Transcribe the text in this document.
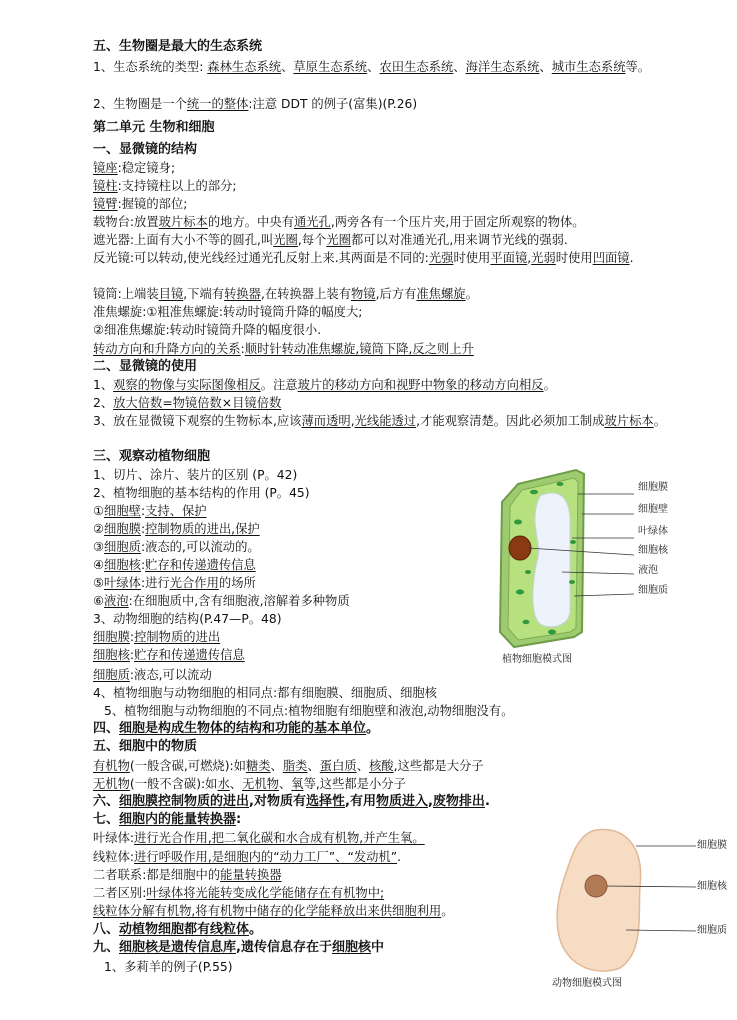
五、生物圈是最大的生态系统
1、生态系统的类型: 森林生态系统、草原生态系统、农田生态系统、海洋生态系统、城市生态系统等。
2、生物圈是一个统一的整体:注意 DDT 的例子(富集)(P.26)
第二单元 生物和细胞
一、显微镜的结构
镜座:稳定镜身;
镜柱:支持镜柱以上的部分;
镜臂:握镜的部位;
载物台:放置玻片标本的地方。中央有通光孔,两旁各有一个压片夹,用于固定所观察的物体。
遮光器:上面有大小不等的圆孔,叫光圈,每个光圈都可以对准通光孔,用来调节光线的强弱.
反光镜:可以转动,使光线经过通光孔反射上来.其两面是不同的:光强时使用平面镜,光弱时使用凹面镜.
镜筒:上端装目镜,下端有转换器,在转换器上装有物镜,后方有准焦螺旋。
准焦螺旋:①粗准焦螺旋:转动时镜筒升降的幅度大;
②细准焦螺旋:转动时镜筒升降的幅度很小.
转动方向和升降方向的关系:顺时针转动准焦螺旋,镜筒下降,反之则上升
二、显微镜的使用
1、观察的物像与实际图像相反。注意玻片的移动方向和视野中物象的移动方向相反。
2、放大倍数=物镜倍数×目镜倍数
3、放在显微镜下观察的生物标本,应该薄而透明,光线能透过,才能观察清楚。因此必须加工制成玻片标本。
三、观察动植物细胞
1、切片、涂片、装片的区别 (P。42)
2、植物细胞的基本结构的作用 (P。45)
①细胞壁:支持、保护
②细胞膜:控制物质的进出,保护
③细胞质:液态的,可以流动的。
④细胞核:贮存和传递遗传信息
⑤叶绿体:进行光合作用的场所
⑥液泡:在细胞质中,含有细胞液,溶解着多种物质
3、动物细胞的结构(P.47—P。48)
细胞膜:控制物质的进出
细胞核:贮存和传递遗传信息
细胞质:液态,可以流动
4、植物细胞与动物细胞的相同点:都有细胞膜、细胞质、细胞核
5、植物细胞与动物细胞的不同点:植物细胞有细胞壁和液泡,动物细胞没有。
四、细胞是构成生物体的结构和功能的基本单位。
五、细胞中的物质
有机物(一般含碳,可燃烧):如糖类、脂类、蛋白质、核酸,这些都是大分子
无机物(一般不含碳):如水、无机物、氧等,这些都是小分子
六、细胞膜控制物质的进出,对物质有选择性,有用物质进入,废物排出.
七、细胞内的能量转换器:
叶绿体:进行光合作用,把二氧化碳和水合成有机物,并产生氧。
线粒体:进行呼吸作用,是细胞内的“动力工厂”、“发动机”.
二者联系:都是细胞中的能量转换器
二者区别:叶绿体将光能转变成化学能储存在有机物中;
线粒体分解有机物,将有机物中储存的化学能释放出来供细胞利用。
八、动植物细胞都有线粒体。
九、细胞核是遗传信息库,遗传信息存在于细胞核中
1、多莉羊的例子(P.55)
植物细胞模式图
细胞膜
细胞壁
叶绿体
细胞核
液泡
细胞质
动物细胞模式图
细胞膜
细胞核
细胞质
